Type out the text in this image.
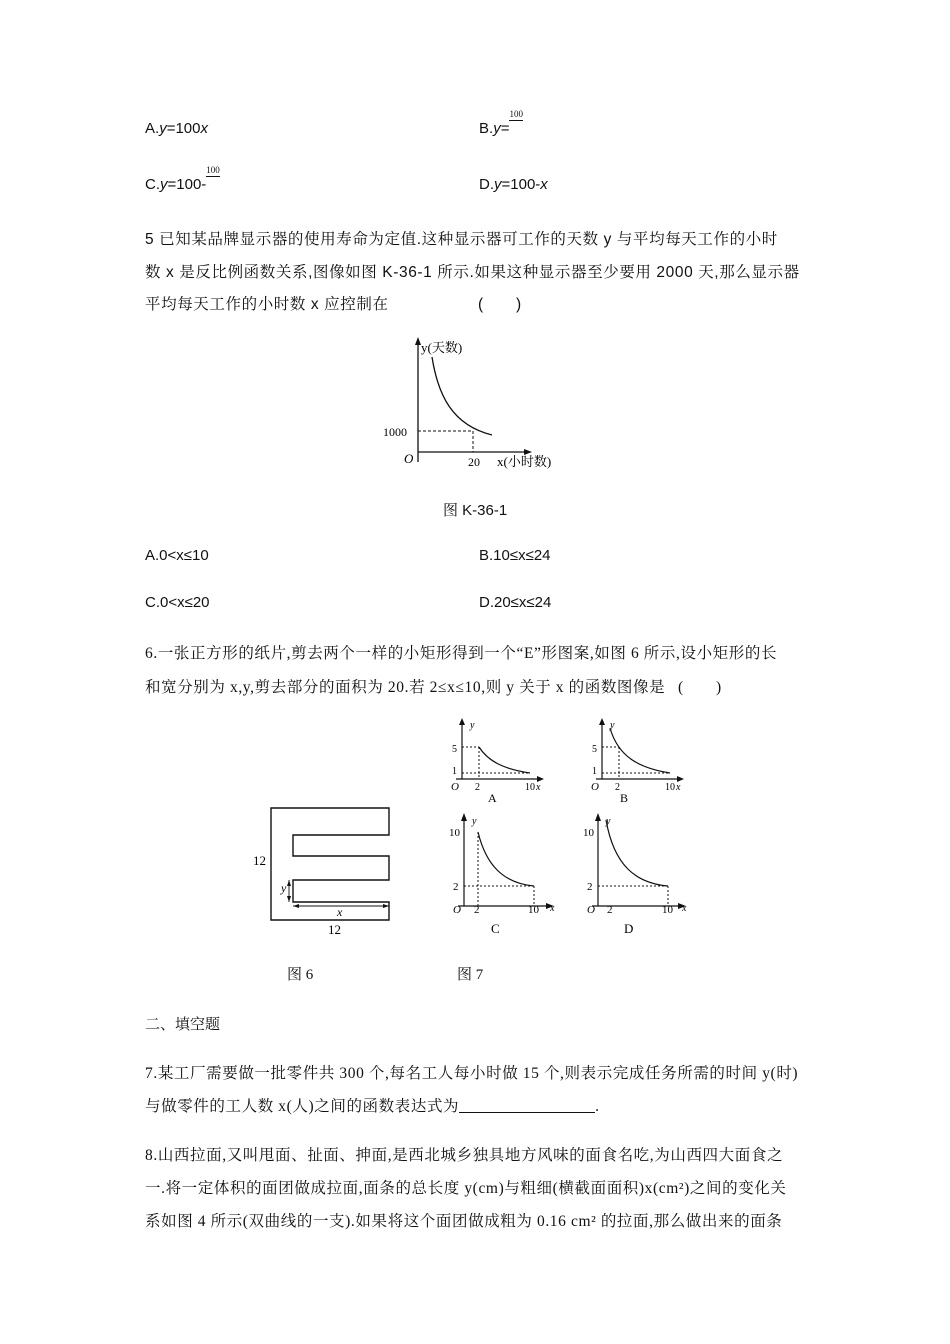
A.y=100x	B.y=
100
C.y=100-
100
D.y=100-x
5 已知某品牌显示器的使用寿命为定值.这种显示器可工作的天数 y 与平均每天工作的小时
数 x 是反比例函数关系,图像如图 K-36-1 所示.如果这种显示器至少要用 2000 天,那么显示器
平均每天工作的小时数 x 应控制在	(　　)
y(天数)
1000
20
O	x(小时数)
图 K-36-1
A.0<x≤10	B.10≤x≤24
C.0<x≤20	D.20≤x≤24
6.一张正方形的纸片,剪去两个一样的小矩形得到一个“E”形图案,如图 6 所示,设小矩形的长
和宽分别为 x,y,剪去部分的面积为 20.若 2≤x≤10,则 y 关于 x 的函数图像是 (　　)
x
y
12
12
y
5
1
O 2	10 x
A
y
5
1
O 2	10 x
B
y
10
2
O 2	10 x
C
y
10
2
O 2	10 x
D
图 6	图 7
二、填空题
7.某工厂需要做一批零件共 300 个,每名工人每小时做 15 个,则表示完成任务所需的时间 y(时)
与做零件的工人数 x(人)之间的函数表达式为	.
8.山西拉面,又叫甩面、扯面、抻面,是西北城乡独具地方风味的面食名吃,为山西四大面食之
一.将一定体积的面团做成拉面,面条的总长度 y(cm)与粗细(横截面面积)x(cm²)之间的变化关
系如图 4 所示(双曲线的一支).如果将这个面团做成粗为 0.16 cm² 的拉面,那么做出来的面条
